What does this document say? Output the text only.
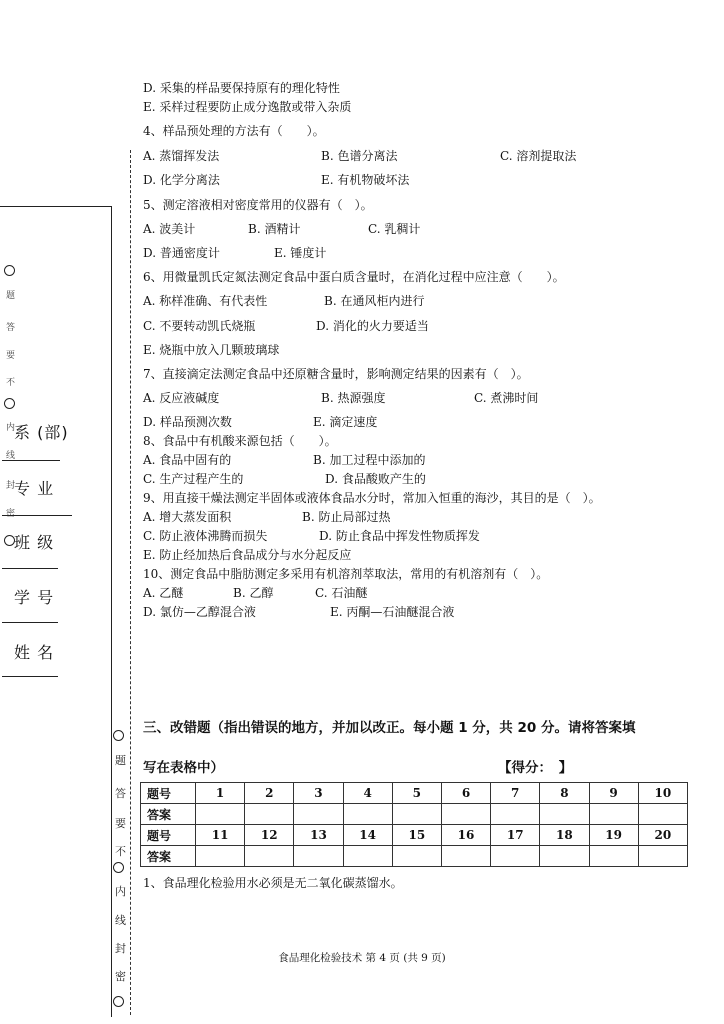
题
答
要
不
内
线
封
密
系 (部)
专 业
班 级
学 号
姓 名
题
答
要
不
内
线
封
密
D. 采集的样品要保持原有的理化特性
E. 采样过程要防止成分逸散或带入杂质
4、样品预处理的方法有（　　）。
A. 蒸馏挥发法	B. 色谱分离法	C. 溶剂提取法
D. 化学分离法	E. 有机物破坏法
5、测定溶液相对密度常用的仪器有（　）。
A. 波美计	B. 酒精计	C. 乳稠计
D. 普通密度计	E. 锤度计
6、用微量凯氏定氮法测定食品中蛋白质含量时，在消化过程中应注意（　　）。
A. 称样准确、有代表性	B. 在通风柜内进行
C. 不要转动凯氏烧瓶	D. 消化的火力要适当
E. 烧瓶中放入几颗玻璃球
7、直接滴定法测定食品中还原糖含量时，影响测定结果的因素有（　）。
A. 反应液碱度	B. 热源强度	C. 煮沸时间
D. 样品预测次数	E. 滴定速度
8、食品中有机酸来源包括（　　）。
A. 食品中固有的	B. 加工过程中添加的
C. 生产过程产生的	D. 食品酸败产生的
9、用直接干燥法测定半固体或液体食品水分时，常加入恒重的海沙，其目的是（　）。
A. 增大蒸发面积	B. 防止局部过热
C. 防止液体沸腾而损失	D. 防止食品中挥发性物质挥发
E. 防止经加热后食品成分与水分起反应
10、测定食品中脂肪测定多采用有机溶剂萃取法，常用的有机溶剂有（　）。
A. 乙醚	B. 乙醇	C. 石油醚
D. 氯仿—乙醇混合液	E. 丙酮—石油醚混合液
三、改错题（指出错误的地方，并加以改正。每小题 1 分，共 20 分。请将答案填
写在表格中）	【得分：　】
题号	1	2	3	4	5	6	7	8	9	10
答案										
题号	11	12	13	14	15	16	17	18	19	20
答案										
1、食品理化检验用水必须是无二氧化碳蒸馏水。
食品理化检验技术 第 4 页 (共 9 页)
